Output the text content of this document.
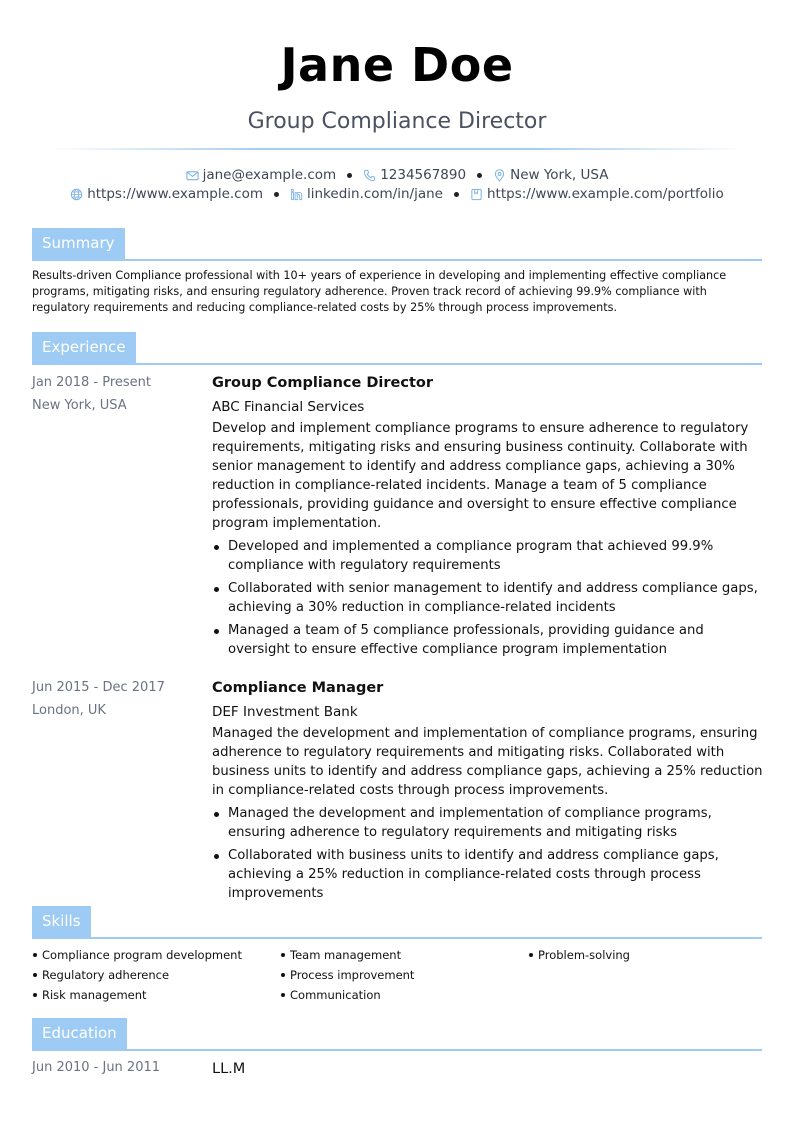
Jane Doe
Group Compliance Director
jane@example.com	1234567890	New York, USA
https://www.example.com	linkedin.com/in/jane	https://www.example.com/portfolio
Summary
Results-driven Compliance professional with 10+ years of experience in developing and implementing effective compliance programs, mitigating risks, and ensuring regulatory adherence. Proven track record of achieving 99.9% compliance with regulatory requirements and reducing compliance-related costs by 25% through process improvements.
Experience
Jan 2018 - Present
New York, USA
Group Compliance Director
ABC Financial Services
Develop and implement compliance programs to ensure adherence to regulatory requirements, mitigating risks and ensuring business continuity. Collaborate with senior management to identify and address compliance gaps, achieving a 30% reduction in compliance-related incidents. Manage a team of 5 compliance professionals, providing guidance and oversight to ensure effective compliance program implementation.
Developed and implemented a compliance program that achieved 99.9% compliance with regulatory requirements
Collaborated with senior management to identify and address compliance gaps, achieving a 30% reduction in compliance-related incidents
Managed a team of 5 compliance professionals, providing guidance and oversight to ensure effective compliance program implementation
Jun 2015 - Dec 2017
London, UK
Compliance Manager
DEF Investment Bank
Managed the development and implementation of compliance programs, ensuring adherence to regulatory requirements and mitigating risks. Collaborated with business units to identify and address compliance gaps, achieving a 25% reduction in compliance-related costs through process improvements.
Managed the development and implementation of compliance programs, ensuring adherence to regulatory requirements and mitigating risks
Collaborated with business units to identify and address compliance gaps, achieving a 25% reduction in compliance-related costs through process improvements
Skills
Compliance program development
Regulatory adherence
Risk management
Team management
Process improvement
Communication
Problem-solving
Education
Jun 2010 - Jun 2011	LL.M
